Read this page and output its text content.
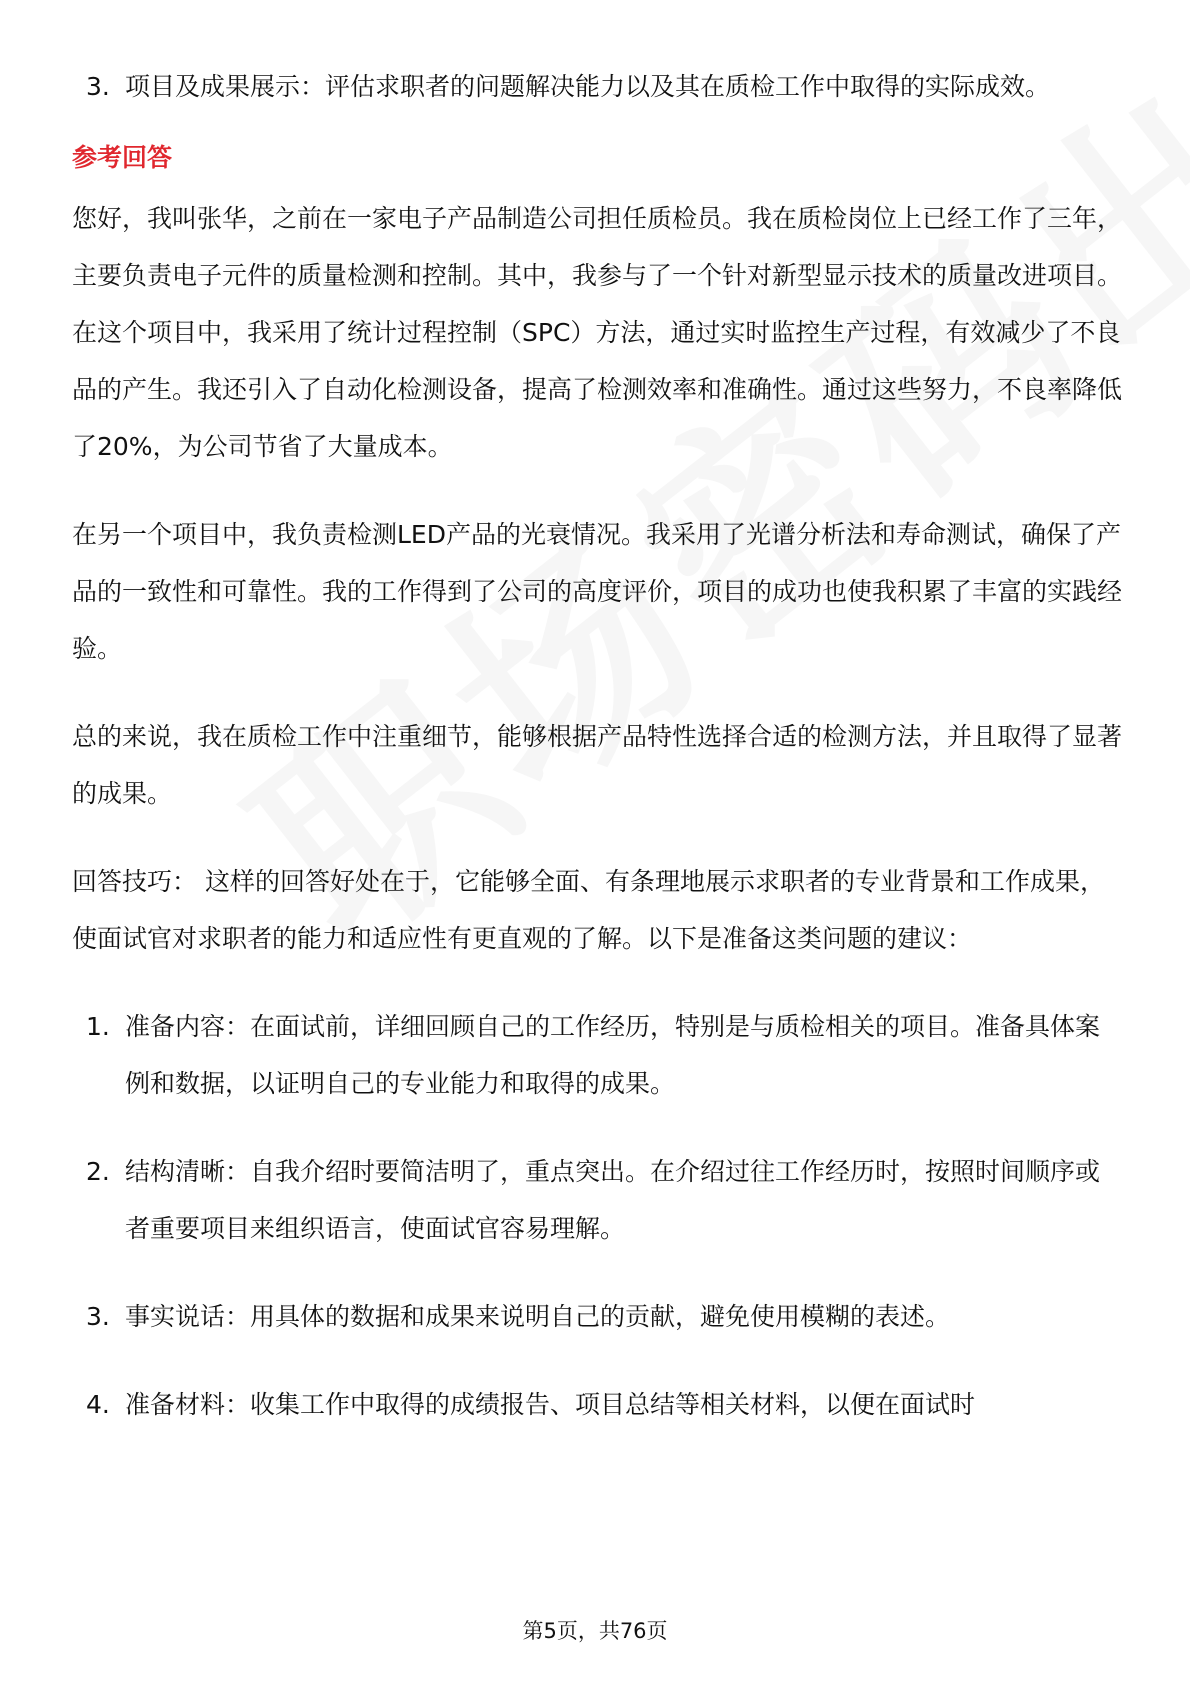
3. 项目及成果展示：评估求职者的问题解决能力以及其在质检工作中取得的实际成效。
参考回答

您好，我叫张华，之前在一家电子产品制造公司担任质检员。我在质检岗位上已经工作了三年，主要负责电子元件的质量检测和控制。其中，我参与了一个针对新型显示技术的质量改进项目。在这个项目中，我采用了统计过程控制（SPC）方法，通过实时监控生产过程，有效减少了不良品的产生。我还引入了自动化检测设备，提高了检测效率和准确性。通过这些努力，不良率降低了20%，为公司节省了大量成本。

在另一个项目中，我负责检测LED产品的光衰情况。我采用了光谱分析法和寿命测试，确保了产品的一致性和可靠性。我的工作得到了公司的高度评价，项目的成功也使我积累了丰富的实践经验。

总的来说，我在质检工作中注重细节，能够根据产品特性选择合适的检测方法，并且取得了显著的成果。

回答技巧： 这样的回答好处在于，它能够全面、有条理地展示求职者的专业背景和工作成果，使面试官对求职者的能力和适应性有更直观的了解。以下是准备这类问题的建议：

1. 准备内容：在面试前，详细回顾自己的工作经历，特别是与质检相关的项目。准备具体案例和数据，以证明自己的专业能力和取得的成果。
2. 结构清晰：自我介绍时要简洁明了，重点突出。在介绍过往工作经历时，按照时间顺序或者重要项目来组织语言，使面试官容易理解。
3. 事实说话：用具体的数据和成果来说明自己的贡献，避免使用模糊的表述。
4. 准备材料：收集工作中取得的成绩报告、项目总结等相关材料，以便在面试时
第5页，共76页
